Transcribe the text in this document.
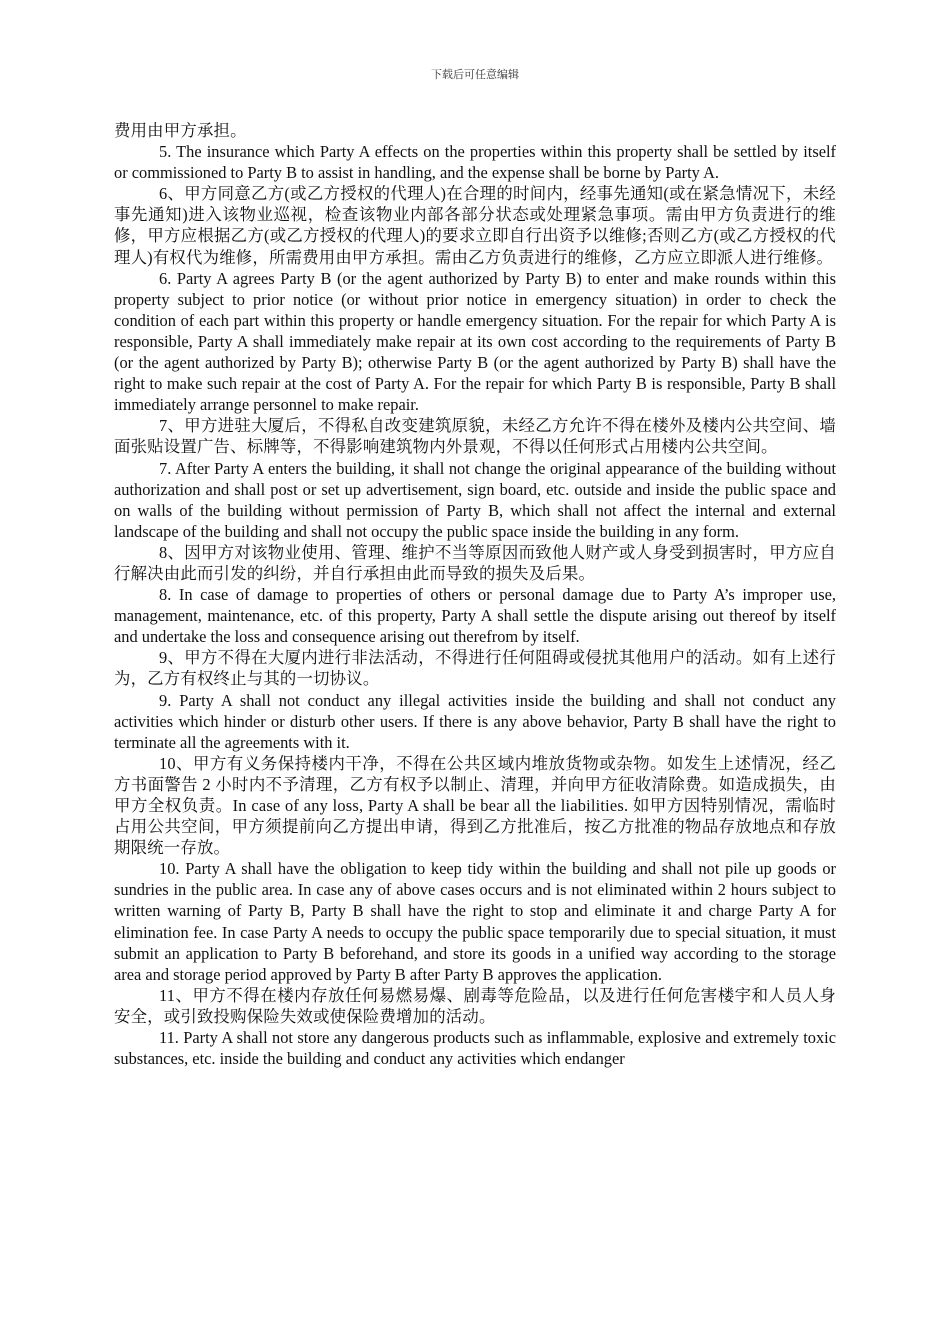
下载后可任意编辑

费用由甲方承担。

5. The insurance which Party A effects on the properties within this property shall be settled by itself or commissioned to Party B to assist in handling, and the expense shall be borne by Party A.

6、甲方同意乙方(或乙方授权的代理人)在合理的时间内，经事先通知(或在紧急情况下，未经事先通知)进入该物业巡视，检查该物业内部各部分状态或处理紧急事项。需由甲方负责进行的维修，甲方应根据乙方(或乙方授权的代理人)的要求立即自行出资予以维修;否则乙方(或乙方授权的代理人)有权代为维修，所需费用由甲方承担。需由乙方负责进行的维修，乙方应立即派人进行维修。

6. Party A agrees Party B (or the agent authorized by Party B) to enter and make rounds within this property subject to prior notice (or without prior notice in emergency situation) in order to check the condition of each part within this property or handle emergency situation. For the repair for which Party A is responsible, Party A shall immediately make repair at its own cost according to the requirements of Party B (or the agent authorized by Party B); otherwise Party B (or the agent authorized by Party B) shall have the right to make such repair at the cost of Party A. For the repair for which Party B is responsible, Party B shall immediately arrange personnel to make repair.

7、甲方进驻大厦后，不得私自改变建筑原貌，未经乙方允许不得在楼外及楼内公共空间、墙面张贴设置广告、标牌等，不得影响建筑物内外景观，不得以任何形式占用楼内公共空间。

7. After Party A enters the building, it shall not change the original appearance of the building without authorization and shall post or set up advertisement, sign board, etc. outside and inside the public space and on walls of the building without permission of Party B, which shall not affect the internal and external landscape of the building and shall not occupy the public space inside the building in any form.

8、因甲方对该物业使用、管理、维护不当等原因而致他人财产或人身受到损害时，甲方应自行解决由此而引发的纠纷，并自行承担由此而导致的损失及后果。

8. In case of damage to properties of others or personal damage due to Party A’s improper use, management, maintenance, etc. of this property, Party A shall settle the dispute arising out thereof by itself and undertake the loss and consequence arising out therefrom by itself.

9、甲方不得在大厦内进行非法活动，不得进行任何阻碍或侵扰其他用户的活动。如有上述行为，乙方有权终止与其的一切协议。

9. Party A shall not conduct any illegal activities inside the building and shall not conduct any activities which hinder or disturb other users. If there is any above behavior, Party B shall have the right to terminate all the agreements with it.

10、甲方有义务保持楼内干净，不得在公共区域内堆放货物或杂物。如发生上述情况，经乙方书面警告 2 小时内不予清理，乙方有权予以制止、清理，并向甲方征收清除费。如造成损失，由甲方全权负责。In case of any loss, Party A shall be bear all the liabilities. 如甲方因特别情况，需临时占用公共空间，甲方须提前向乙方提出申请，得到乙方批准后，按乙方批准的物品存放地点和存放期限统一存放。

10. Party A shall have the obligation to keep tidy within the building and shall not pile up goods or sundries in the public area. In case any of above cases occurs and is not eliminated within 2 hours subject to written warning of Party B, Party B shall have the right to stop and eliminate it and charge Party A for elimination fee. In case Party A needs to occupy the public space temporarily due to special situation, it must submit an application to Party B beforehand, and store its goods in a unified way according to the storage area and storage period approved by Party B after Party B approves the application.

11、甲方不得在楼内存放任何易燃易爆、剧毒等危险品，以及进行任何危害楼宇和人员人身安全，或引致投购保险失效或使保险费增加的活动。

11. Party A shall not store any dangerous products such as inflammable, explosive and extremely toxic substances, etc. inside the building and conduct any activities which endanger
